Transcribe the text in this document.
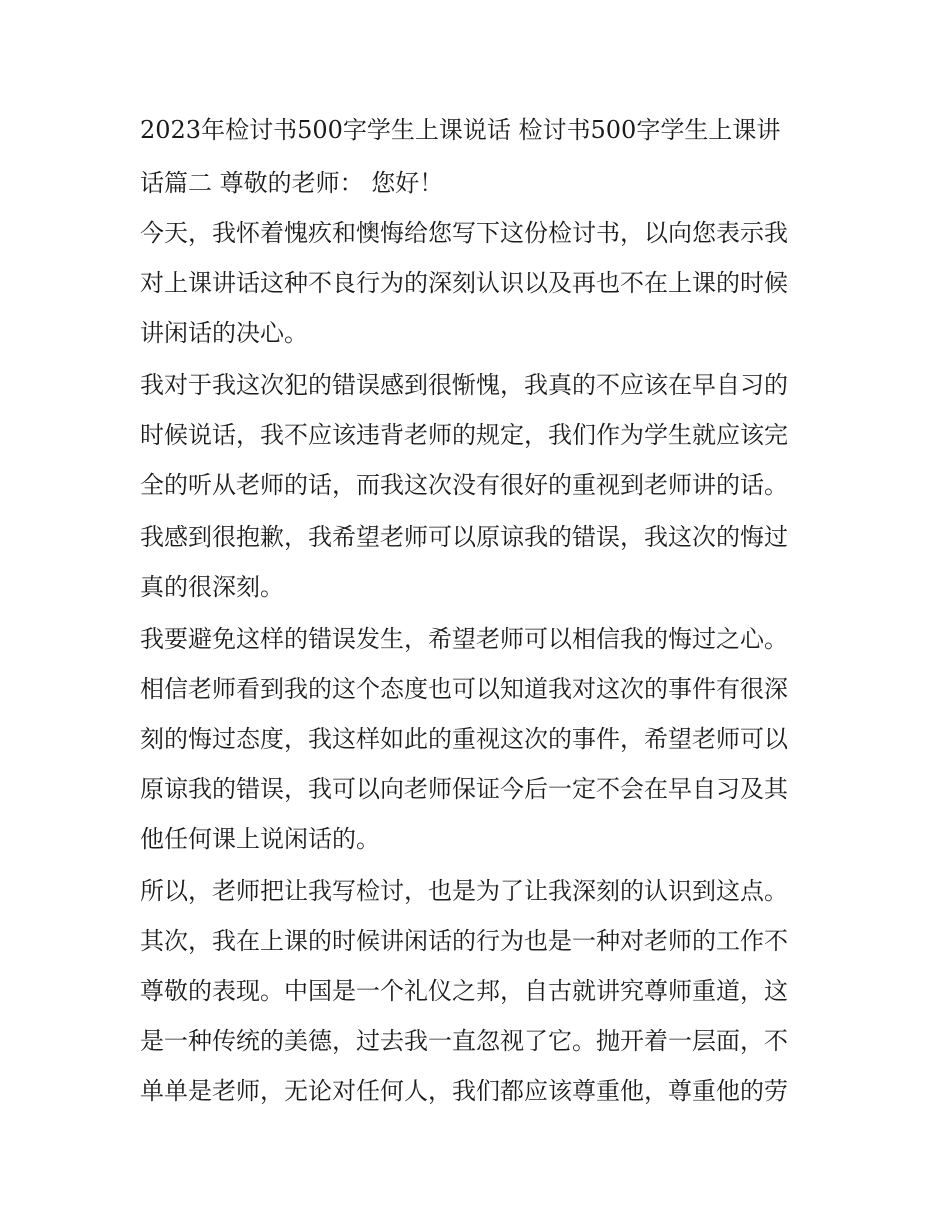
2023年检讨书500字学生上课说话 检讨书500字学生上课讲
话篇二 尊敬的老师： 您好！
今天，我怀着愧疚和懊悔给您写下这份检讨书，以向您表示我
对上课讲话这种不良行为的深刻认识以及再也不在上课的时候
讲闲话的决心。
我对于我这次犯的错误感到很惭愧，我真的不应该在早自习的
时候说话，我不应该违背老师的规定，我们作为学生就应该完
全的听从老师的话，而我这次没有很好的重视到老师讲的话。
我感到很抱歉，我希望老师可以原谅我的错误，我这次的悔过
真的很深刻。
我要避免这样的错误发生，希望老师可以相信我的悔过之心。
相信老师看到我的这个态度也可以知道我对这次的事件有很深
刻的悔过态度，我这样如此的重视这次的事件，希望老师可以
原谅我的错误，我可以向老师保证今后一定不会在早自习及其
他任何课上说闲话的。
所以，老师把让我写检讨，也是为了让我深刻的认识到这点。
其次，我在上课的时候讲闲话的行为也是一种对老师的工作不
尊敬的表现。中国是一个礼仪之邦，自古就讲究尊师重道，这
是一种传统的美德，过去我一直忽视了它。抛开着一层面，不
单单是老师，无论对任何人，我们都应该尊重他，尊重他的劳
